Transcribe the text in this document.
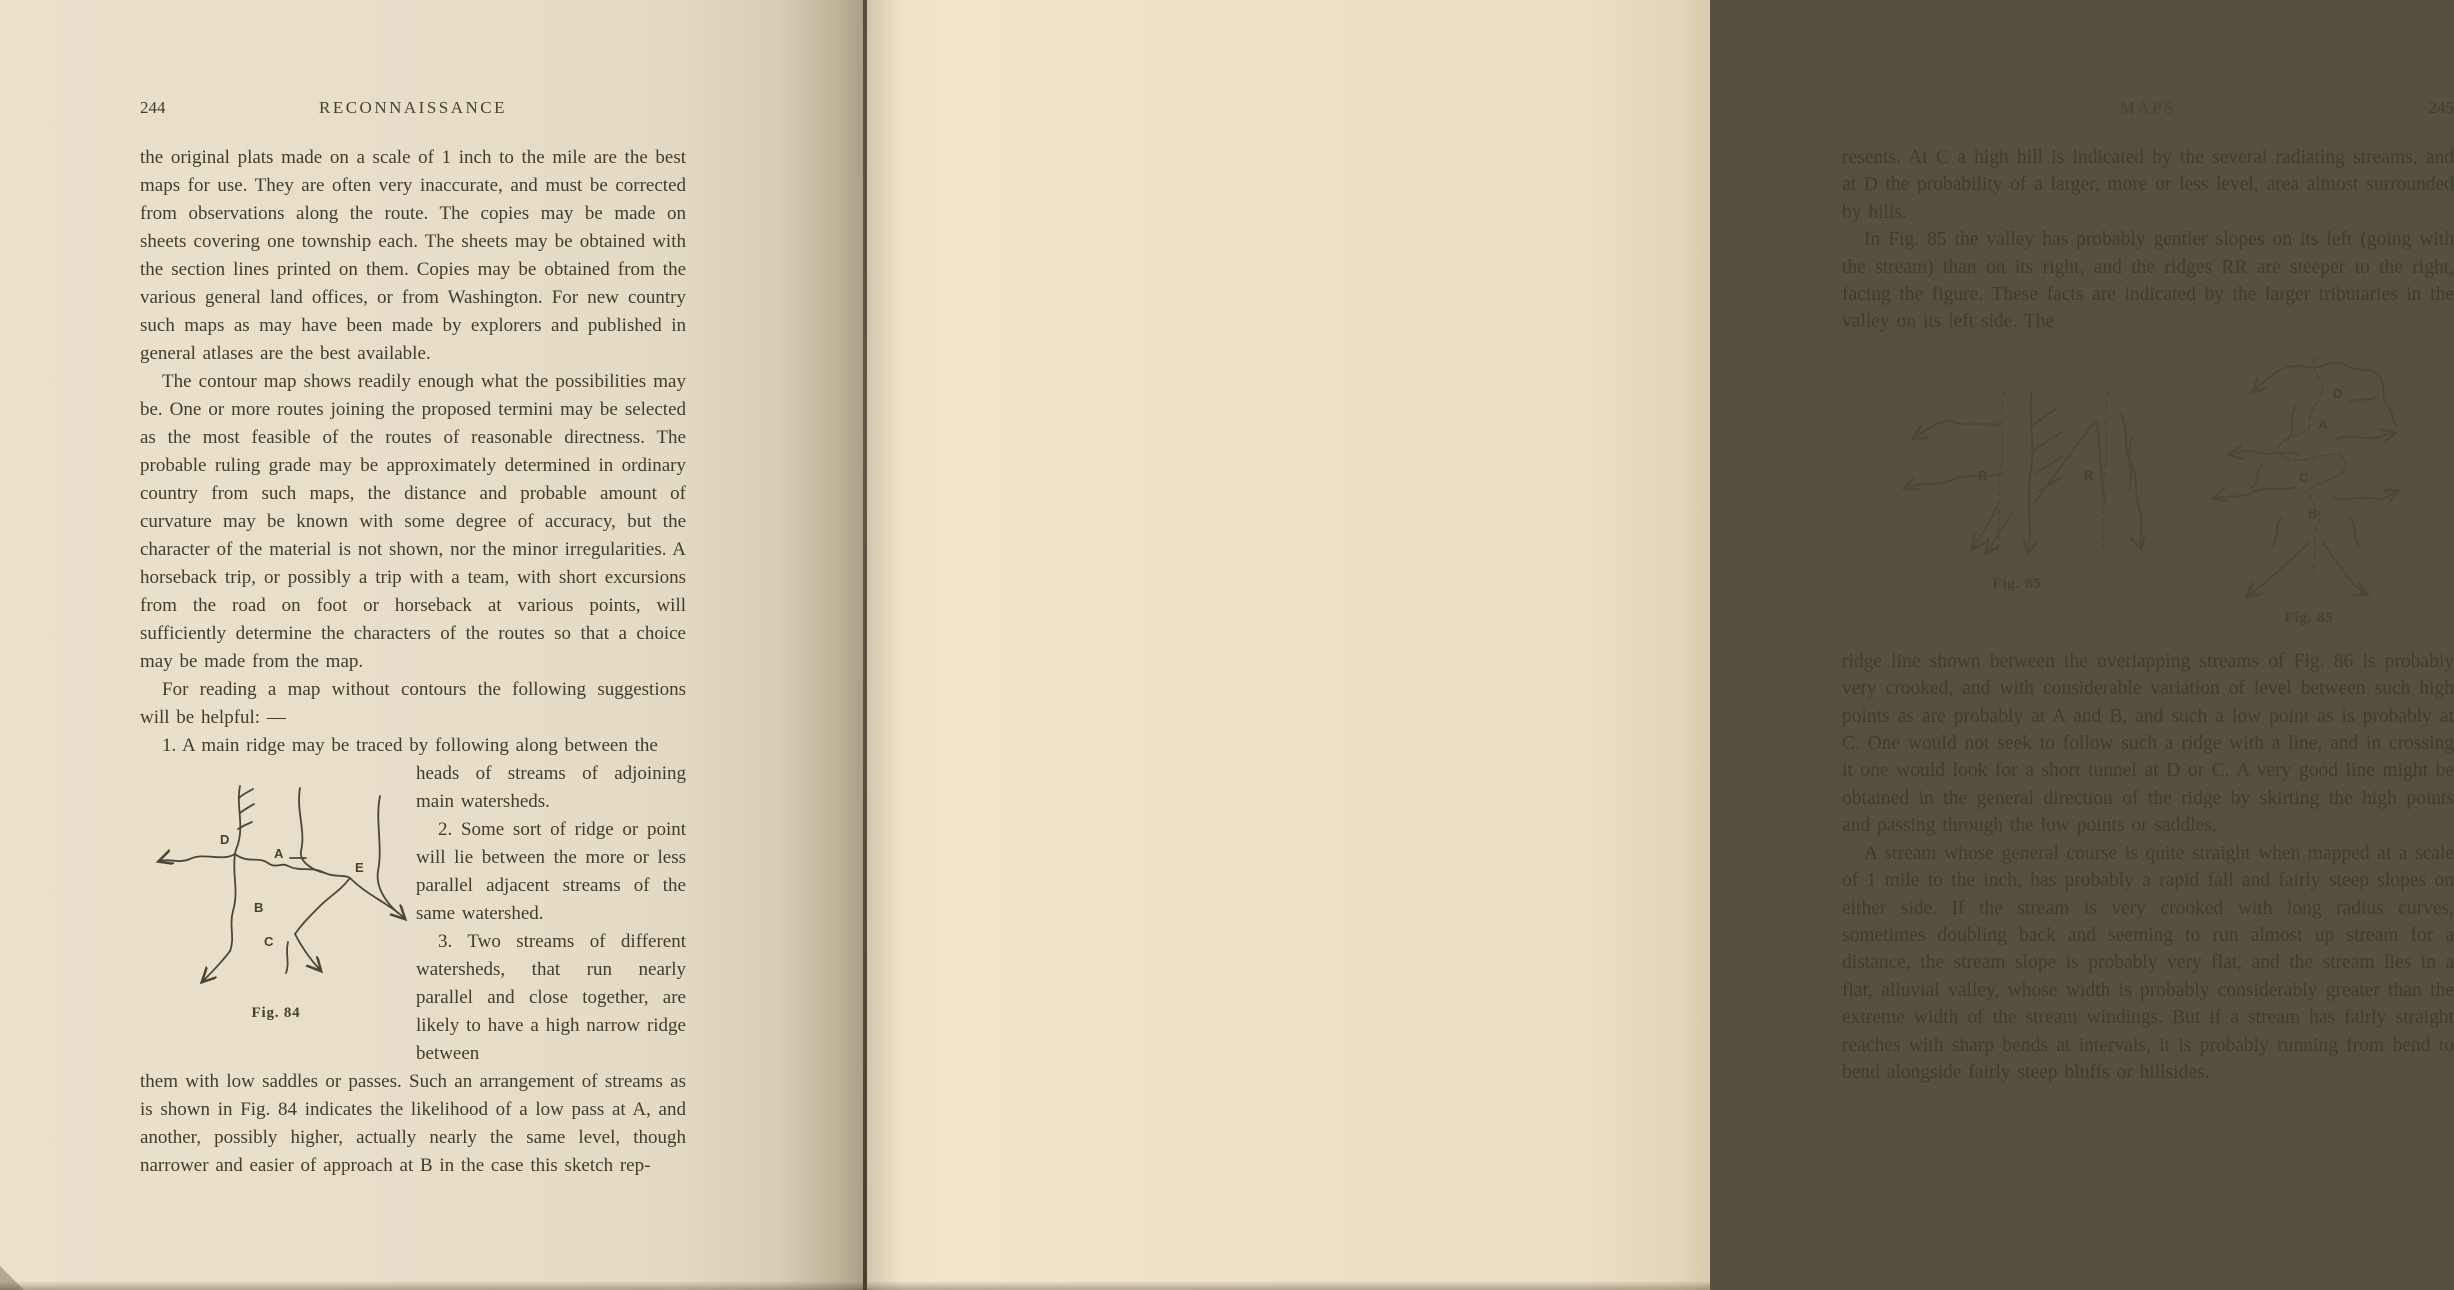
244	RECONNAISSANCE

the original plats made on a scale of 1 inch to the mile are the best maps for use. They are often very inaccurate, and must be corrected from observations along the route. The copies may be made on sheets covering one township each. The sheets may be obtained with the section lines printed on them. Copies may be obtained from the various general land offices, or from Washington. For new country such maps as may have been made by explorers and published in general atlases are the best available.

The contour map shows readily enough what the possibilities may be. One or more routes joining the proposed termini may be selected as the most feasible of the routes of reasonable directness. The probable ruling grade may be approximately determined in ordinary country from such maps, the distance and probable amount of curvature may be known with some degree of accuracy, but the character of the material is not shown, nor the minor irregularities. A horseback trip, or possibly a trip with a team, with short excursions from the road on foot or horseback at various points, will sufficiently determine the characters of the routes so that a choice may be made from the map.

For reading a map without contours the following suggestions will be helpful: —

1. A main ridge may be traced by following along between the

D
A
E
B
C
Fig. 84

heads of streams of adjoining main watersheds.

2. Some sort of ridge or point will lie between the more or less parallel adjacent streams of the same watershed.

3. Two streams of different watersheds, that run nearly parallel and close together, are likely to have a high narrow ridge between

them with low saddles or passes. Such an arrangement of streams as is shown in Fig. 84 indicates the likelihood of a low pass at A, and another, possibly higher, actually nearly the same level, though narrower and easier of approach at B in the case this sketch rep-

MAPS	245

resents. At C a high hill is indicated by the several radiating streams, and at D the probability of a larger, more or less level, area almost surrounded by hills.

In Fig. 85 the valley has probably gentler slopes on its left (going with the stream) than on its right, and the ridges RR are steeper to the right, facing the figure. These facts are indicated by the larger tributaries in the valley on its left side. The

R	R
Fig. 85
D
A
C
B
Fig. 85

ridge line shown between the overlapping streams of Fig. 86 is probably very crooked, and with considerable variation of level between such high points as are probably at A and B, and such a low point as is probably at C. One would not seek to follow such a ridge with a line, and in crossing it one would look for a short tunnel at D or C. A very good line might be obtained in the general direction of the ridge by skirting the high points and passing through the low points or saddles.

A stream whose general course is quite straight when mapped at a scale of 1 mile to the inch, has probably a rapid fall and fairly steep slopes on either side. If the stream is very crooked with long radius curves, sometimes doubling back and seeming to run almost up stream for a distance, the stream slope is probably very flat, and the stream lies in a flat, alluvial valley, whose width is probably considerably greater than the extreme width of the stream windings. But if a stream has fairly straight reaches with sharp bends at intervals, it is probably running from bend to bend alongside fairly steep bluffs or hillsides.
